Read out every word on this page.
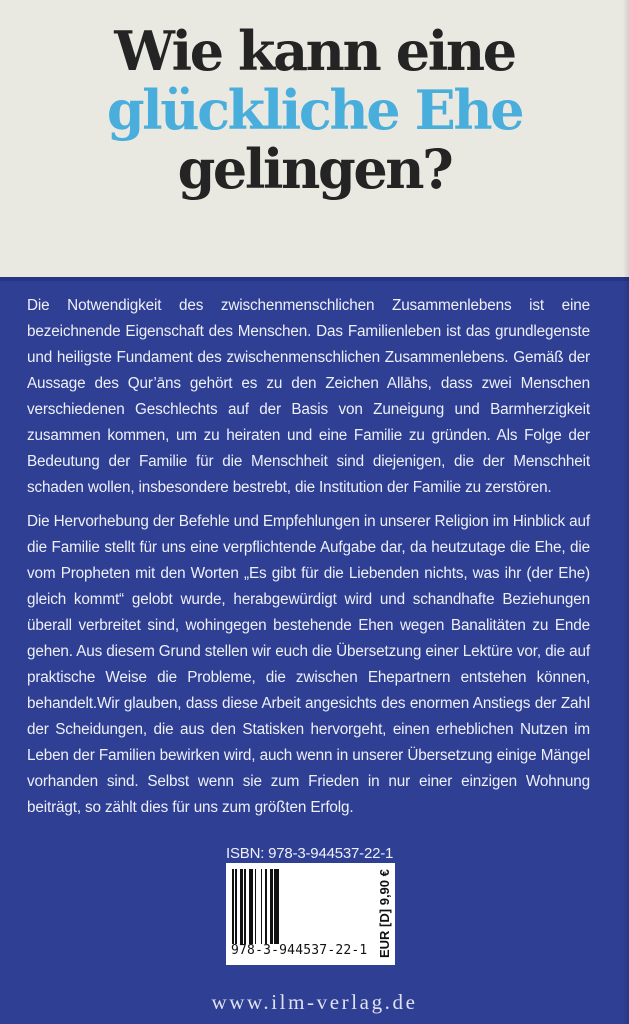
Wie kann eine
glückliche Ehe
gelingen?

Die Notwendigkeit des zwischenmenschlichen Zusammenlebens ist eine bezeichnende Eigenschaft des Menschen. Das Familienleben ist das grundlegenste und heiligste Fundament des zwischenmenschlichen Zusammenlebens. Gemäß der Aussage des Qur’āns gehört es zu den Zeichen Allāhs, dass zwei Menschen verschiedenen Geschlechts auf der Basis von Zuneigung und Barmherzigkeit zusammen kommen, um zu heiraten und eine Familie zu gründen. Als Folge der Bedeutung der Familie für die Menschheit sind diejenigen, die der Menschheit schaden wollen, insbesondere bestrebt, die Institution der Familie zu zerstören.

Die Hervorhebung der Befehle und Empfehlungen in unserer Religion im Hinblick auf die Familie stellt für uns eine verpflichtende Aufgabe dar, da heutzutage die Ehe, die vom Propheten mit den Worten „Es gibt für die Liebenden nichts, was ihr (der Ehe) gleich kommt“ gelobt wurde, herabgewürdigt wird und schandhafte Beziehungen überall verbreitet sind, wohingegen bestehende Ehen wegen Banalitäten zu Ende gehen. Aus diesem Grund stellen wir euch die Übersetzung einer Lektüre vor, die auf praktische Weise die Probleme, die zwischen Ehepartnern entstehen können, behandelt.Wir glauben, dass diese Arbeit angesichts des enormen Anstiegs der Zahl der Scheidungen, die aus den Statisken hervorgeht, einen erheblichen Nutzen im Leben der Familien bewirken wird, auch wenn in unserer Übersetzung einige Mängel vorhanden sind. Selbst wenn sie zum Frieden in nur einer einzigen Wohnung beiträgt, so zählt dies für uns zum größten Erfolg.

ISBN: 978-3-944537-22-1
978-3-944537-22-1 EUR [D] 9,90 €
www.ilm-verlag.de
